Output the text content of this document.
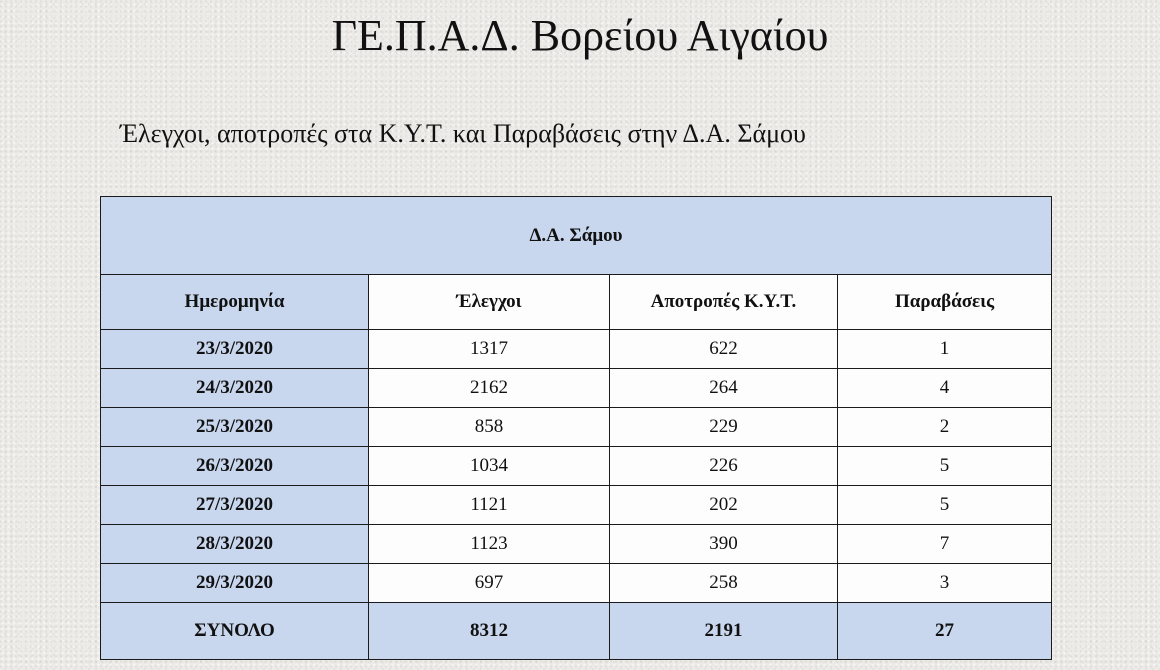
ΓΕ.Π.Α.Δ. Βορείου Αιγαίου
Έλεγχοι, αποτροπές στα Κ.Υ.Τ. και Παραβάσεις στην Δ.Α. Σάμου
Δ.Α. Σάμου			
Ημερομηνία	Έλεγχοι	Αποτροπές Κ.Υ.Τ.	Παραβάσεις
23/3/2020	1317	622	1
24/3/2020	2162	264	4
25/3/2020	858	229	2
26/3/2020	1034	226	5
27/3/2020	1121	202	5
28/3/2020	1123	390	7
29/3/2020	697	258	3
ΣΥΝΟΛΟ	8312	2191	27
